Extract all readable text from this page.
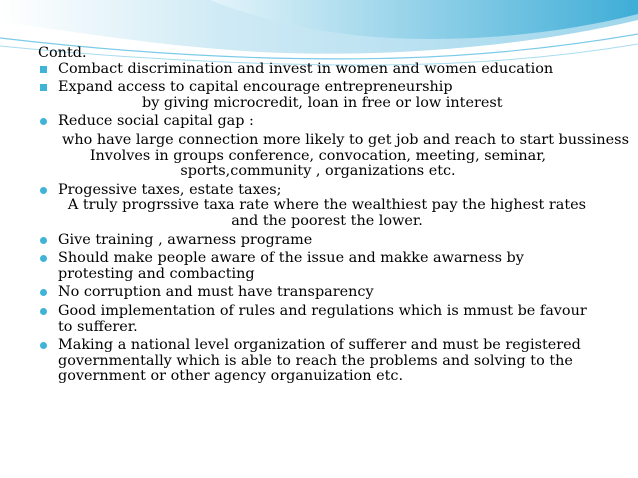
Contd.
Combact discrimination and invest in women and women education
Expand access to capital encourage entrepreneurship
by giving microcredit, loan in free or low interest
Reduce social capital gap :
who have large connection more likely to get job and reach to start bussiness
Involves in groups conference, convocation, meeting, seminar, sports,community , organizations etc.
Progessive taxes, estate taxes;
A truly progrssive taxa rate where the wealthiest pay the highest rates and the poorest the lower.
Give training , awarness programe
Should make people aware of the issue and makke awarness by protesting and combacting
No corruption and must have transparency
Good implementation of rules and regulations which is mmust be favour to sufferer.
Making a national level organization of sufferer and must be registered governmentally which is able to reach the problems and solving to the government or other agency organuization etc.
